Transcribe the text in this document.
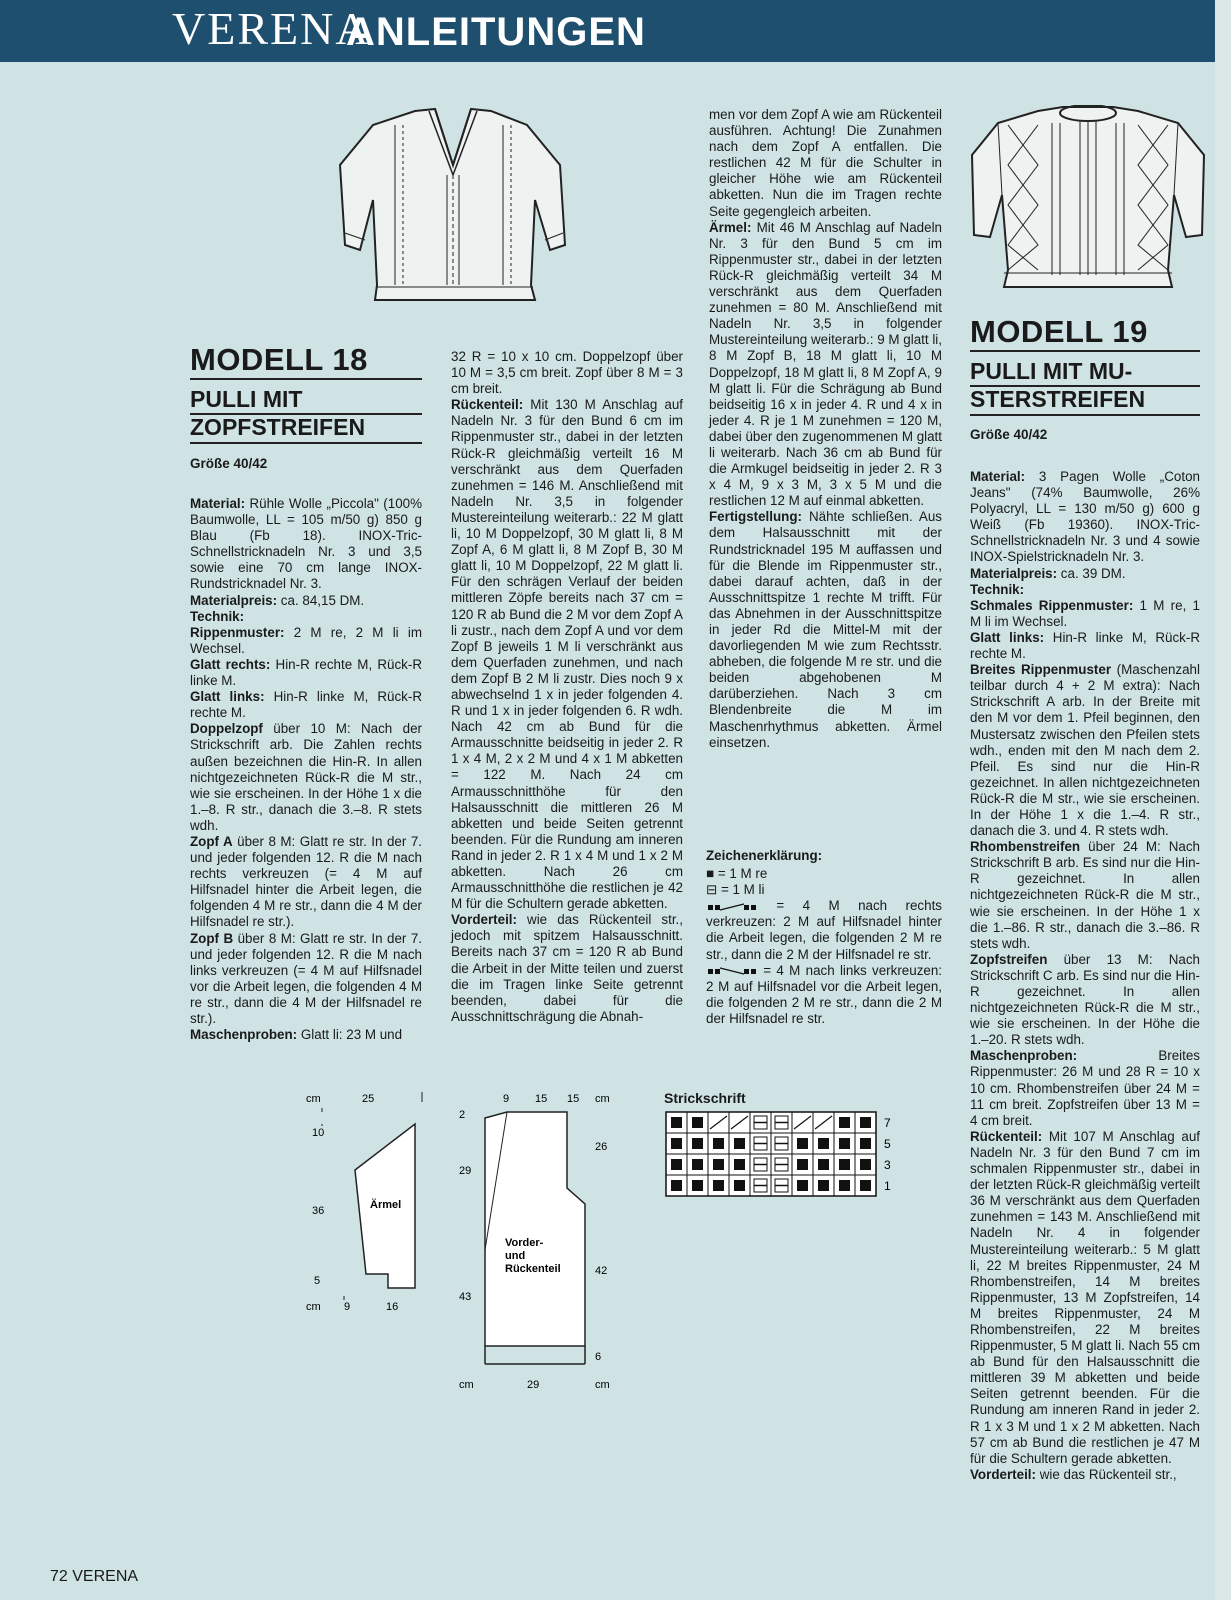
VERENA
ANLEITUNGEN
MODELL 18
PULLI MIT
ZOPFSTREIFEN
Größe 40/42

Material: Rühle Wolle „Piccola" (100% Baumwolle, LL = 105 m/50 g) 850 g Blau (Fb 18). INOX-Tric-Schnellstricknadeln Nr. 3 und 3,5 sowie eine 70 cm lange INOX-Rundstricknadel Nr. 3.

Materialpreis: ca. 84,15 DM.

Technik:

Rippenmuster: 2 M re, 2 M li im Wechsel.

Glatt rechts: Hin-R rechte M, Rück-R linke M.

Glatt links: Hin-R linke M, Rück-R rechte M.

Doppelzopf über 10 M: Nach der Strickschrift arb. Die Zahlen rechts außen bezeichnen die Hin-R. In allen nichtgezeichneten Rück-R die M str., wie sie erscheinen. In der Höhe 1 x die 1.–8. R str., danach die 3.–8. R stets wdh.

Zopf A über 8 M: Glatt re str. In der 7. und jeder folgenden 12. R die M nach rechts verkreuzen (= 4 M auf Hilfsnadel hinter die Arbeit legen, die folgenden 4 M re str., dann die 4 M der Hilfsnadel re str.).

Zopf B über 8 M: Glatt re str. In der 7. und jeder folgenden 12. R die M nach links verkreuzen (= 4 M auf Hilfsnadel vor die Arbeit legen, die folgenden 4 M re str., dann die 4 M der Hilfsnadel re str.).

Maschenproben: Glatt li: 23 M und

32 R = 10 x 10 cm. Doppelzopf über 10 M = 3,5 cm breit. Zopf über 8 M = 3 cm breit.

Rückenteil: Mit 130 M Anschlag auf Nadeln Nr. 3 für den Bund 6 cm im Rippenmuster str., dabei in der letzten Rück-R gleichmäßig verteilt 16 M verschränkt aus dem Querfaden zunehmen = 146 M. Anschließend mit Nadeln Nr. 3,5 in folgender Mustereinteilung weiterarb.: 22 M glatt li, 10 M Doppelzopf, 30 M glatt li, 8 M Zopf A, 6 M glatt li, 8 M Zopf B, 30 M glatt li, 10 M Doppelzopf, 22 M glatt li. Für den schrägen Verlauf der beiden mittleren Zöpfe bereits nach 37 cm = 120 R ab Bund die 2 M vor dem Zopf A li zustr., nach dem Zopf A und vor dem Zopf B jeweils 1 M li verschränkt aus dem Querfaden zunehmen, und nach dem Zopf B 2 M li zustr. Dies noch 9 x abwechselnd 1 x in jeder folgenden 4. R und 1 x in jeder folgenden 6. R wdh. Nach 42 cm ab Bund für die Armausschnitte beidseitig in jeder 2. R 1 x 4 M, 2 x 2 M und 4 x 1 M abketten = 122 M. Nach 24 cm Armausschnitthöhe für den Halsausschnitt die mittleren 26 M abketten und beide Seiten getrennt beenden. Für die Rundung am inneren Rand in jeder 2. R 1 x 4 M und 1 x 2 M abketten. Nach 26 cm Armausschnitthöhe die restlichen je 42 M für die Schultern gerade abketten.

Vorderteil: wie das Rückenteil str., jedoch mit spitzem Halsausschnitt. Bereits nach 37 cm = 120 R ab Bund die Arbeit in der Mitte teilen und zuerst die im Tragen linke Seite getrennt beenden, dabei für die Ausschnittschrägung die Abnah-

men vor dem Zopf A wie am Rückenteil ausführen. Achtung! Die Zunahmen nach dem Zopf A entfallen. Die restlichen 42 M für die Schulter in gleicher Höhe wie am Rückenteil abketten. Nun die im Tragen rechte Seite gegengleich arbeiten.

Ärmel: Mit 46 M Anschlag auf Nadeln Nr. 3 für den Bund 5 cm im Rippenmuster str., dabei in der letzten Rück-R gleichmäßig verteilt 34 M verschränkt aus dem Querfaden zunehmen = 80 M. Anschließend mit Nadeln Nr. 3,5 in folgender Mustereinteilung weiterarb.: 9 M glatt li, 8 M Zopf B, 18 M glatt li, 10 M Doppelzopf, 18 M glatt li, 8 M Zopf A, 9 M glatt li. Für die Schrägung ab Bund beidseitig 16 x in jeder 4. R und 4 x in jeder 4. R je 1 M zunehmen = 120 M, dabei über den zugenommenen M glatt li weiterarb. Nach 36 cm ab Bund für die Armkugel beidseitig in jeder 2. R 3 x 4 M, 9 x 3 M, 3 x 5 M und die restlichen 12 M auf einmal abketten.

Fertigstellung: Nähte schließen. Aus dem Halsausschnitt mit der Rundstricknadel 195 M auffassen und für die Blende im Rippenmuster str., dabei darauf achten, daß in der Ausschnittspitze 1 rechte M trifft. Für das Abnehmen in der Ausschnittspitze in jeder Rd die Mittel-M mit der davorliegenden M wie zum Rechtsstr. abheben, die folgende M re str. und die beiden abgehobenen M darüberziehen. Nach 3 cm Blendenbreite die M im Maschenrhythmus abketten. Ärmel einsetzen.

Zeichenerklärung:

■ = 1 M re

⊟ = 1 M li

= 4 M nach rechts verkreuzen: 2 M auf Hilfsnadel hinter die Arbeit legen, die folgenden 2 M re str., dann die 2 M der Hilfsnadel re str.

= 4 M nach links verkreuzen: 2 M auf Hilfsnadel vor die Arbeit legen, die folgenden 2 M re str., dann die 2 M der Hilfsnadel re str.

Strickschrift
7
5
3
1
cm	25
10
36
5
cm 9	16
Ärmel
9 15 15 cm
2
29
43
26
42
6
cm	29	cm
Vorder-
und
Rückenteil
MODELL 19
PULLI MIT MU-
STERSTREIFEN
Größe 40/42

Material: 3 Pagen Wolle „Coton Jeans" (74% Baumwolle, 26% Polyacryl, LL = 130 m/50 g) 600 g Weiß (Fb 19360). INOX-Tric-Schnellstricknadeln Nr. 3 und 4 sowie INOX-Spielstricknadeln Nr. 3.

Materialpreis: ca. 39 DM.

Technik:

Schmales Rippenmuster: 1 M re, 1 M li im Wechsel.

Glatt links: Hin-R linke M, Rück-R rechte M.

Breites Rippenmuster (Maschenzahl teilbar durch 4 + 2 M extra): Nach Strickschrift A arb. In der Breite mit den M vor dem 1. Pfeil beginnen, den Mustersatz zwischen den Pfeilen stets wdh., enden mit den M nach dem 2. Pfeil. Es sind nur die Hin-R gezeichnet. In allen nichtgezeichneten Rück-R die M str., wie sie erscheinen. In der Höhe 1 x die 1.–4. R str., danach die 3. und 4. R stets wdh.

Rhombenstreifen über 24 M: Nach Strickschrift B arb. Es sind nur die Hin-R gezeichnet. In allen nichtgezeichneten Rück-R die M str., wie sie erscheinen. In der Höhe 1 x die 1.–86. R str., danach die 3.–86. R stets wdh.

Zopfstreifen über 13 M: Nach Strickschrift C arb. Es sind nur die Hin-R gezeichnet. In allen nichtgezeichneten Rück-R die M str., wie sie erscheinen. In der Höhe die 1.–20. R stets wdh.

Maschenproben: Breites Rippenmuster: 26 M und 28 R = 10 x 10 cm. Rhombenstreifen über 24 M = 11 cm breit. Zopfstreifen über 13 M = 4 cm breit.

Rückenteil: Mit 107 M Anschlag auf Nadeln Nr. 3 für den Bund 7 cm im schmalen Rippenmuster str., dabei in der letzten Rück-R gleichmäßig verteilt 36 M verschränkt aus dem Querfaden zunehmen = 143 M. Anschließend mit Nadeln Nr. 4 in folgender Mustereinteilung weiterarb.: 5 M glatt li, 22 M breites Rippenmuster, 24 M Rhombenstreifen, 14 M breites Rippenmuster, 13 M Zopfstreifen, 14 M breites Rippenmuster, 24 M Rhombenstreifen, 22 M breites Rippenmuster, 5 M glatt li. Nach 55 cm ab Bund für den Halsausschnitt die mittleren 39 M abketten und beide Seiten getrennt beenden. Für die Rundung am inneren Rand in jeder 2. R 1 x 3 M und 1 x 2 M abketten. Nach 57 cm ab Bund die restlichen je 47 M für die Schultern gerade abketten.

Vorderteil: wie das Rückenteil str.,

72 VERENA
